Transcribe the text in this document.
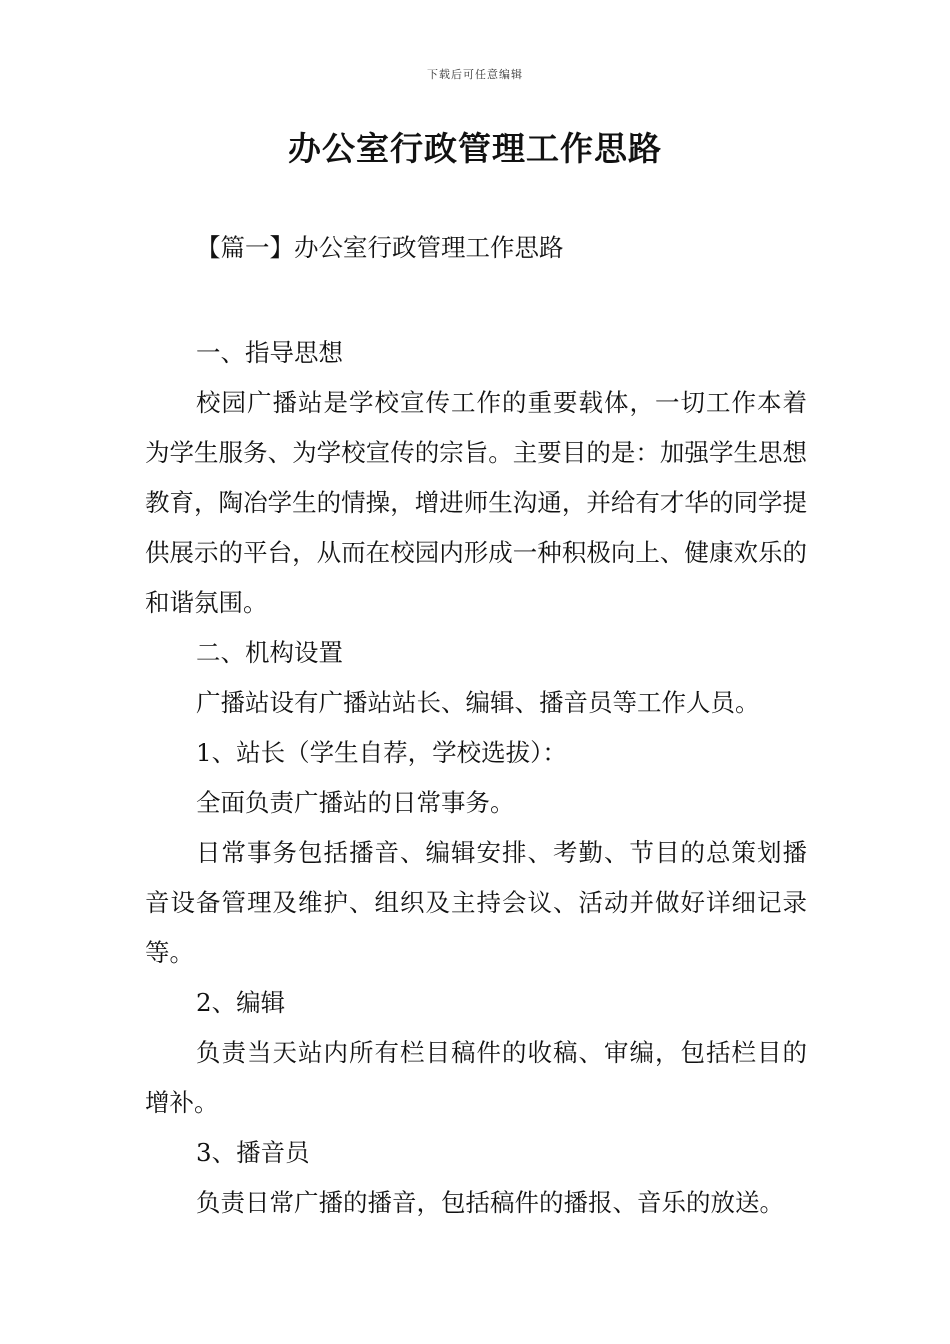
下载后可任意编辑
办公室行政管理工作思路
【篇一】办公室行政管理工作思路

一、指导思想

校园广播站是学校宣传工作的重要载体，一切工作本着为学生服务、为学校宣传的宗旨。主要目的是：加强学生思想教育，陶冶学生的情操，增进师生沟通，并给有才华的同学提供展示的平台，从而在校园内形成一种积极向上、健康欢乐的和谐氛围。

二、机构设置

广播站设有广播站站长、编辑、播音员等工作人员。

1、站长（学生自荐，学校选拔）：

全面负责广播站的日常事务。

日常事务包括播音、编辑安排、考勤、节目的总策划播音设备管理及维护、组织及主持会议、活动并做好详细记录等。

2、编辑

负责当天站内所有栏目稿件的收稿、审编，包括栏目的增补。

3、播音员

负责日常广播的播音，包括稿件的播报、音乐的放送。
